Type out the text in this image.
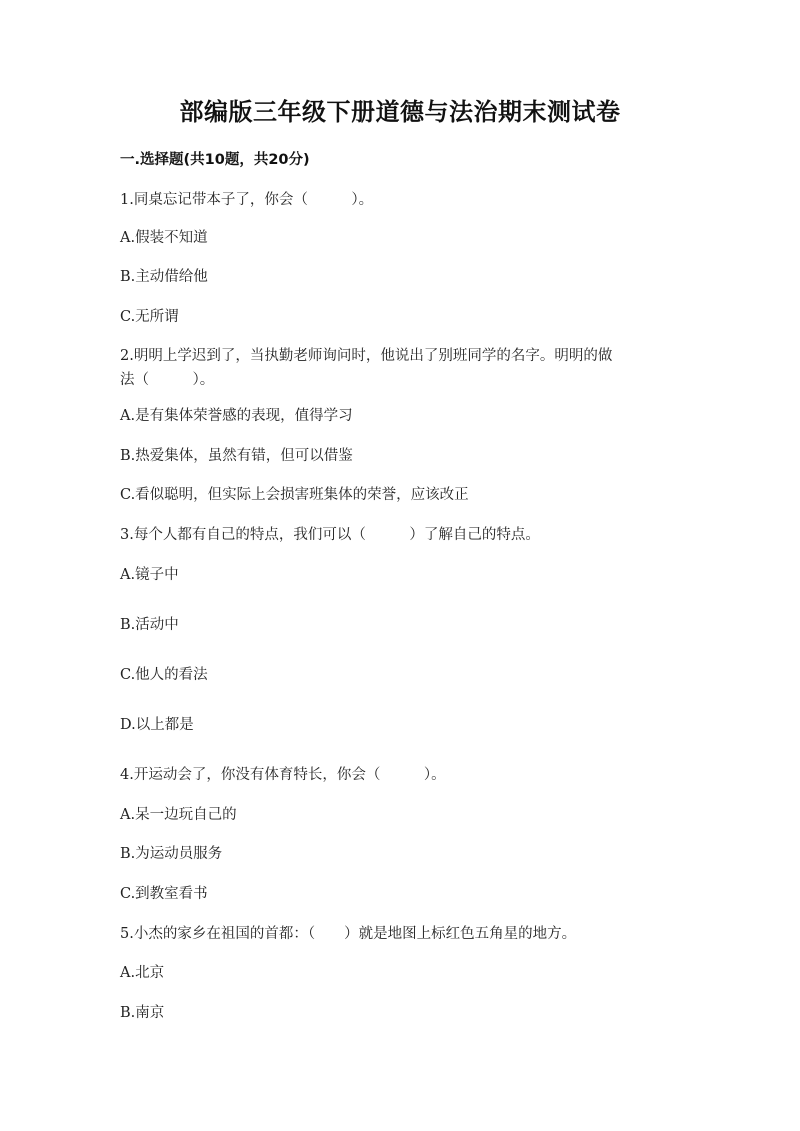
部编版三年级下册道德与法治期末测试卷
一.选择题(共10题，共20分)
1.同桌忘记带本子了，你会（　　　）。
A.假装不知道
B.主动借给他
C.无所谓
2.明明上学迟到了，当执勤老师询问时，他说出了别班同学的名字。明明的做
法（　　　）。
A.是有集体荣誉感的表现，值得学习
B.热爱集体，虽然有错，但可以借鉴
C.看似聪明，但实际上会损害班集体的荣誉，应该改正
3.每个人都有自己的特点，我们可以（　　　）了解自己的特点。
A.镜子中
B.活动中
C.他人的看法
D.以上都是
4.开运动会了，你没有体育特长，你会（　　　）。
A.呆一边玩自己的
B.为运动员服务
C.到教室看书
5.小杰的家乡在祖国的首都：（　　）就是地图上标红色五角星的地方。
A.北京
B.南京
